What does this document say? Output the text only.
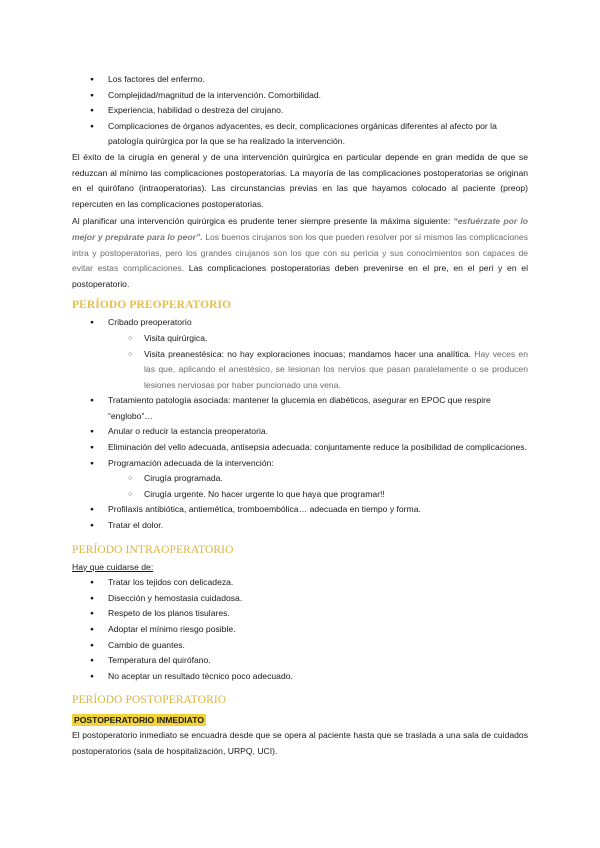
● Los factores del enfermo.
● Complejidad/magnitud de la intervención. Comorbilidad.
● Experiencia, habilidad o destreza del cirujano.
● Complicaciones de órganos adyacentes, es decir, complicaciones orgánicas diferentes al afecto por la patología quirúrgica por la que se ha realizado la intervención.

El éxito de la cirugía en general y de una intervención quirúrgica en particular depende en gran medida de que se reduzcan al mínimo las complicaciones postoperatorias. La mayoría de las complicaciones postoperatorias se originan en el quirófano (intraoperatorias). Las circunstancias previas en las que hayamos colocado al paciente (preop) repercuten en las complicaciones postoperatorias.

Al planificar una intervención quirúrgica es prudente tener siempre presente la máxima siguiente: “esfuérzate por lo mejor y prepárate para lo peor”. Los buenos cirujanos son los que pueden resolver por sí mismos las complicaciones intra y postoperatorias, pero los grandes cirujanos son los que con su pericia y sus conocimientos son capaces de evitar estas complicaciones. Las complicaciones postoperatorias deben prevenirse en el pre, en el peri y en el postoperatorio.

PERÍODO PREOPERATORIO
● Cribado preoperatorio
○ Visita quirúrgica.
○ Visita preanestésica: no hay exploraciones inocuas; mandamos hacer una analítica. Hay veces en las que, aplicando el anestésico, se lesionan los nervios que pasan paralelamente o se producen lesiones nerviosas por haber puncionado una vena.
● Tratamiento patología asociada: mantener la glucemia en diabéticos, asegurar en EPOC que respire “englobo”…
● Anular o reducir la estancia preoperatoria.
● Eliminación del vello adecuada, antisepsia adecuada: conjuntamente reduce la posibilidad de complicaciones.
● Programación adecuada de la intervención:
○ Cirugía programada.
○ Cirugía urgente. No hacer urgente lo que haya que programar!!
● Profilaxis antibiótica, antiemética, tromboembólica… adecuada en tiempo y forma.
● Tratar el dolor.
PERÍODO INTRAOPERATORIO
Hay que cuidarse de:
● Tratar los tejidos con delicadeza.
● Disección y hemostasia cuidadosa.
● Respeto de los planos tisulares.
● Adoptar el mínimo riesgo posible.
● Cambio de guantes.
● Temperatura del quirófano.
● No aceptar un resultado técnico poco adecuado.
PERÍODO POSTOPERATORIO
POSTOPERATORIO INMEDIATO

El postoperatorio inmediato se encuadra desde que se opera al paciente hasta que se traslada a una sala de cuidados postoperatorios (sala de hospitalización, URPQ, UCI).
